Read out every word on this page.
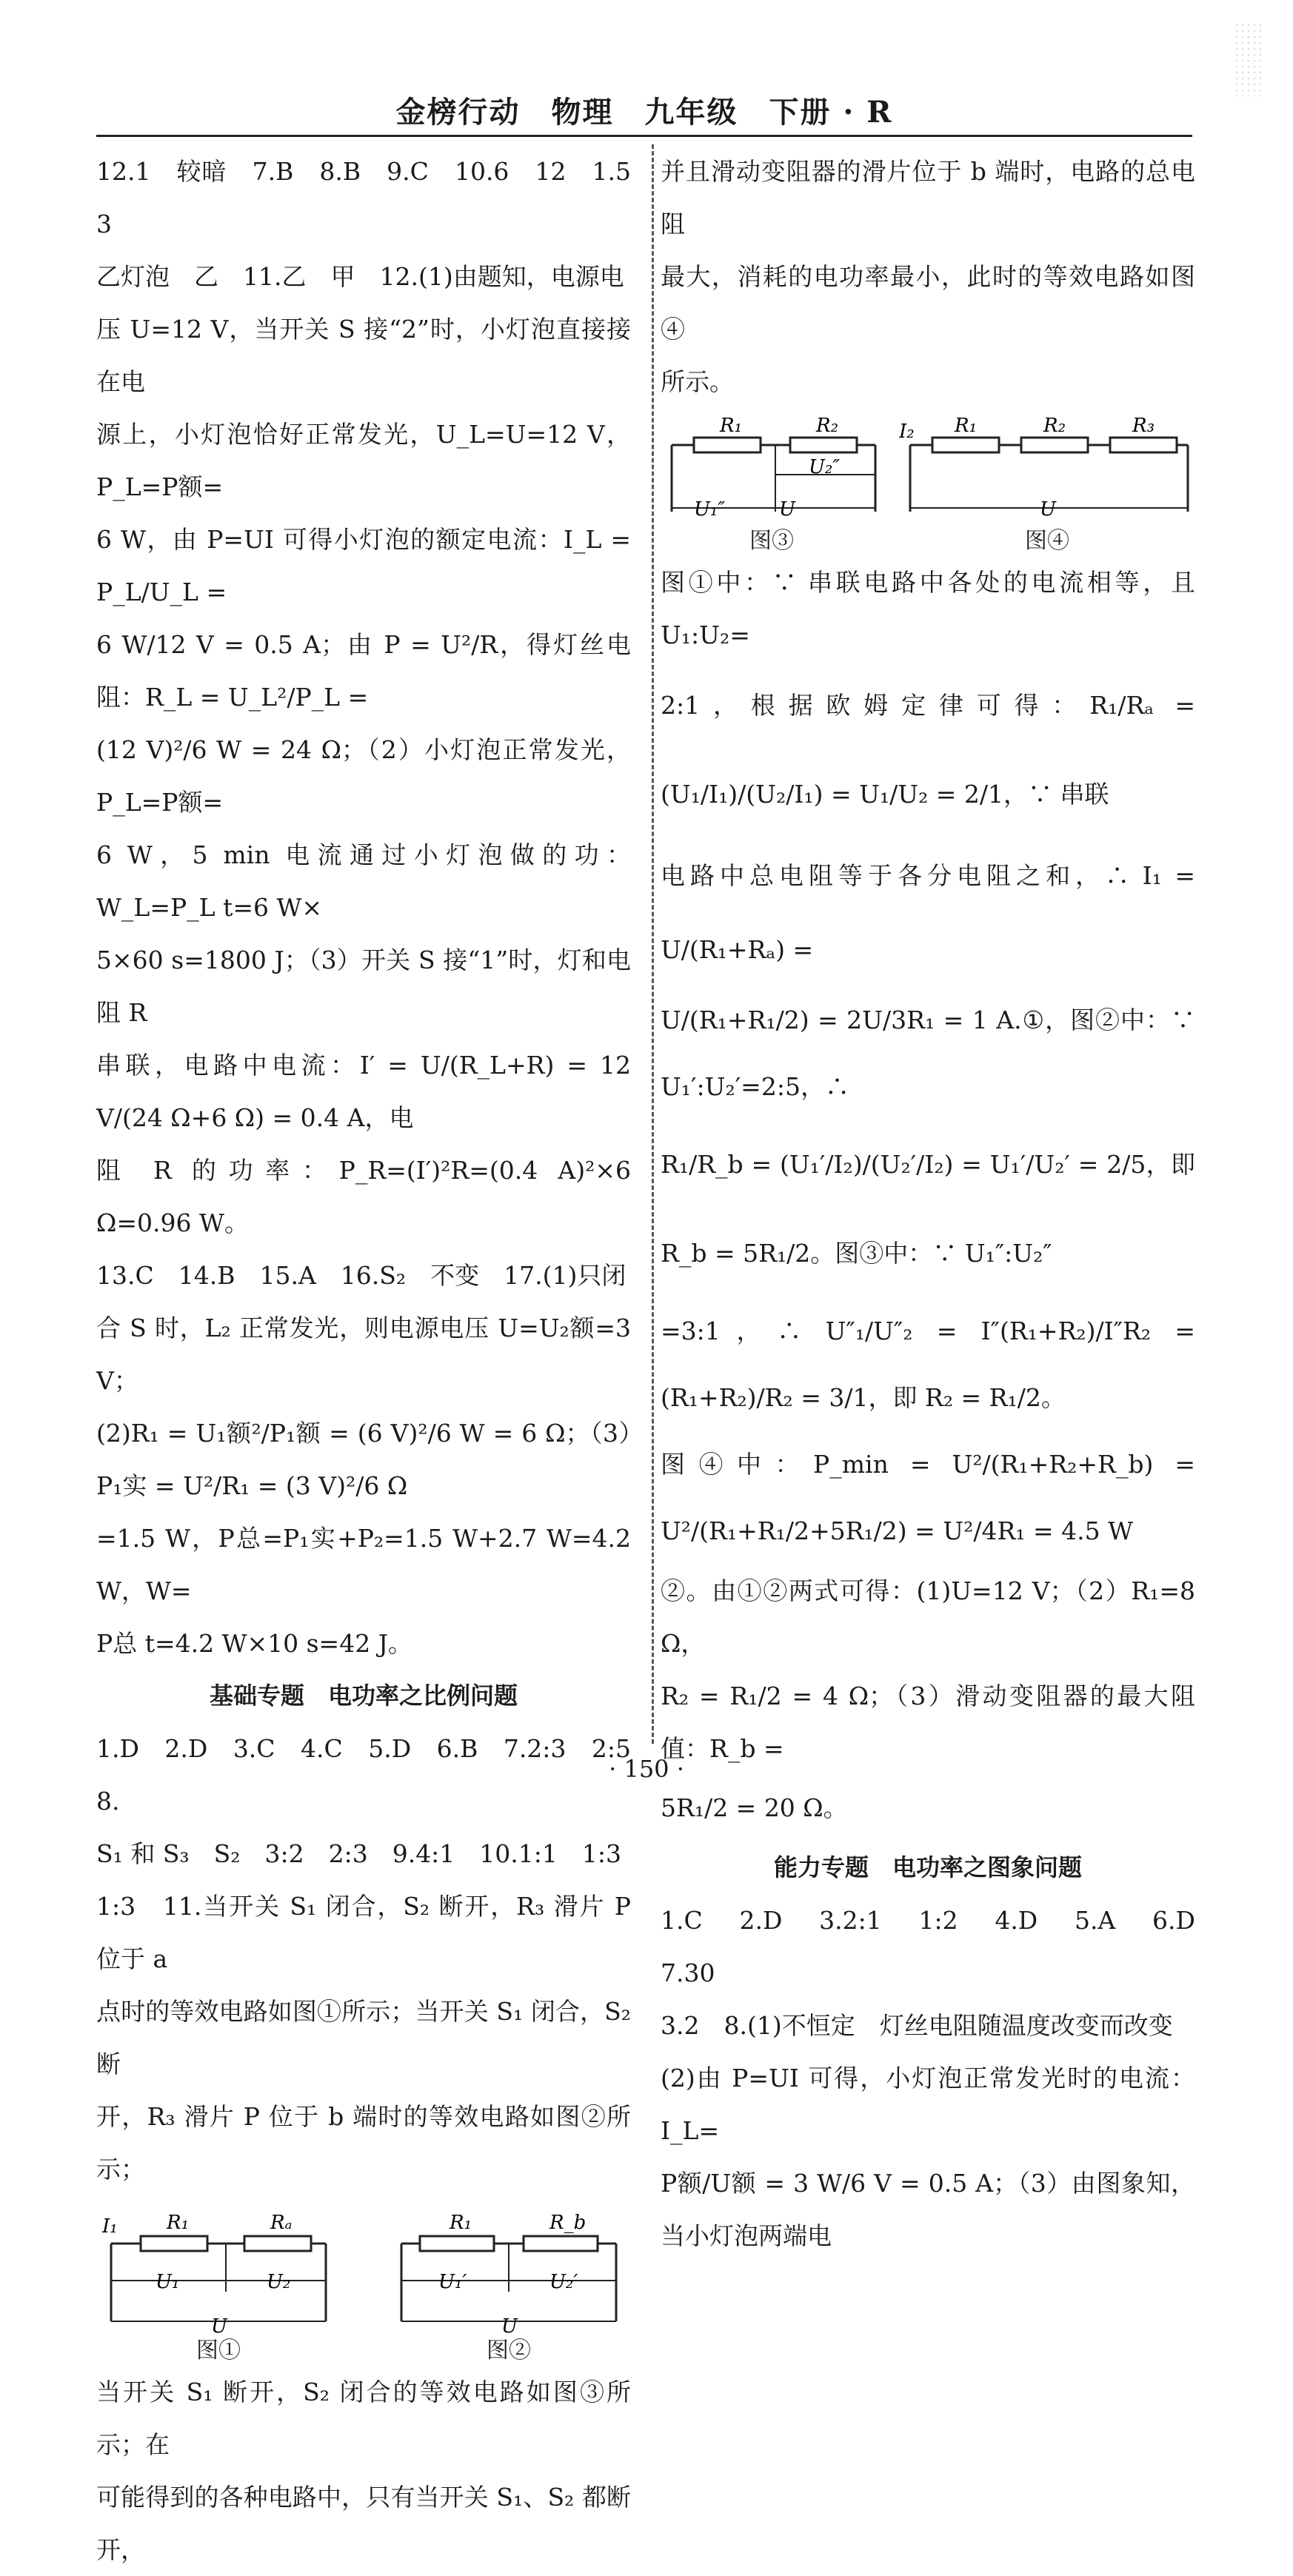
金榜行动　物理　九年级　下册 · R

12.1　较暗　7.B　8.B　9.C　10.6　12　1.5　3

乙灯泡　乙　11.乙　甲　12.(1)由题知，电源电

压 U=12 V，当开关 S 接“2”时，小灯泡直接接在电

源上，小灯泡恰好正常发光，U_L=U=12 V，P_L=P额=

6 W，由 P=UI 可得小灯泡的额定电流：I_L = P_L/U_L =

6 W/12 V = 0.5 A；由 P = U²/R，得灯丝电阻：R_L = U_L²/P_L =

(12 V)²/6 W = 24 Ω；（2）小灯泡正常发光，P_L=P额=

6 W，5 min 电流通过小灯泡做的功：W_L=P_L t=6 W×

5×60 s=1800 J；（3）开关 S 接“1”时，灯和电阻 R

串联，电路中电流：I′ = U/(R_L+R) = 12 V/(24 Ω+6 Ω) = 0.4 A，电

阻 R 的功率：P_R=(I′)²R=(0.4 A)²×6 Ω=0.96 W。

13.C　14.B　15.A　16.S₂　不变　17.(1)只闭

合 S 时，L₂ 正常发光，则电源电压 U=U₂额=3 V；

(2)R₁ = U₁额²/P₁额 = (6 V)²/6 W = 6 Ω；（3）P₁实 = U²/R₁ = (3 V)²/6 Ω

=1.5 W，P总=P₁实+P₂=1.5 W+2.7 W=4.2 W，W=

P总 t=4.2 W×10 s=42 J。

基础专题　电功率之比例问题

1.D　2.D　3.C　4.C　5.D　6.B　7.2:3　2:5　8.

S₁ 和 S₃　S₂　3:2　2:3　9.4:1　10.1:1　1:3

1:3　11.当开关 S₁ 闭合，S₂ 断开，R₃ 滑片 P 位于 a

点时的等效电路如图①所示；当开关 S₁ 闭合，S₂ 断

开，R₃ 滑片 P 位于 b 端时的等效电路如图②所示；

I₁	R₁	Rₐ
U₁	U₂
U
图①
R₁	R_b
U₁′	U₂′
U
图②

当开关 S₁ 断开，S₂ 闭合的等效电路如图③所示；在

可能得到的各种电路中，只有当开关 S₁、S₂ 都断开，

并且滑动变阻器的滑片位于 b 端时，电路的总电阻

最大，消耗的电功率最小，此时的等效电路如图④

所示。

R₁	R₂
U₂″
U₁″	U
图③
I₂ R₁	R₂	R₃
U
图④

图①中：∵ 串联电路中各处的电流相等，且 U₁:U₂=

2:1，根据欧姆定律可得：R₁/Rₐ = (U₁/I₁)/(U₂/I₁) = U₁/U₂ = 2/1，∵ 串联

电路中总电阻等于各分电阻之和，∴ I₁ = U/(R₁+Rₐ) =

U/(R₁+R₁/2) = 2U/3R₁ = 1 A.①，图②中：∵ U₁′:U₂′=2:5，∴

R₁/R_b = (U₁′/I₂)/(U₂′/I₂) = U₁′/U₂′ = 2/5，即 R_b = 5R₁/2。图③中：∵ U₁″:U₂″

=3:1，∴ U″₁/U″₂ = I″(R₁+R₂)/I″R₂ = (R₁+R₂)/R₂ = 3/1，即 R₂ = R₁/2。

图④中：P_min = U²/(R₁+R₂+R_b) = U²/(R₁+R₁/2+5R₁/2) = U²/4R₁ = 4.5 W

②。由①②两式可得：(1)U=12 V；（2）R₁=8 Ω，

R₂ = R₁/2 = 4 Ω；（3）滑动变阻器的最大阻值：R_b =

5R₁/2 = 20 Ω。

能力专题　电功率之图象问题

1.C　2.D　3.2:1　1:2　4.D　5.A　6.D　7.30

3.2　8.(1)不恒定　灯丝电阻随温度改变而改变

(2)由 P=UI 可得，小灯泡正常发光时的电流：I_L=

P额/U额 = 3 W/6 V = 0.5 A；（3）由图象知，当小灯泡两端电

· 150 ·
